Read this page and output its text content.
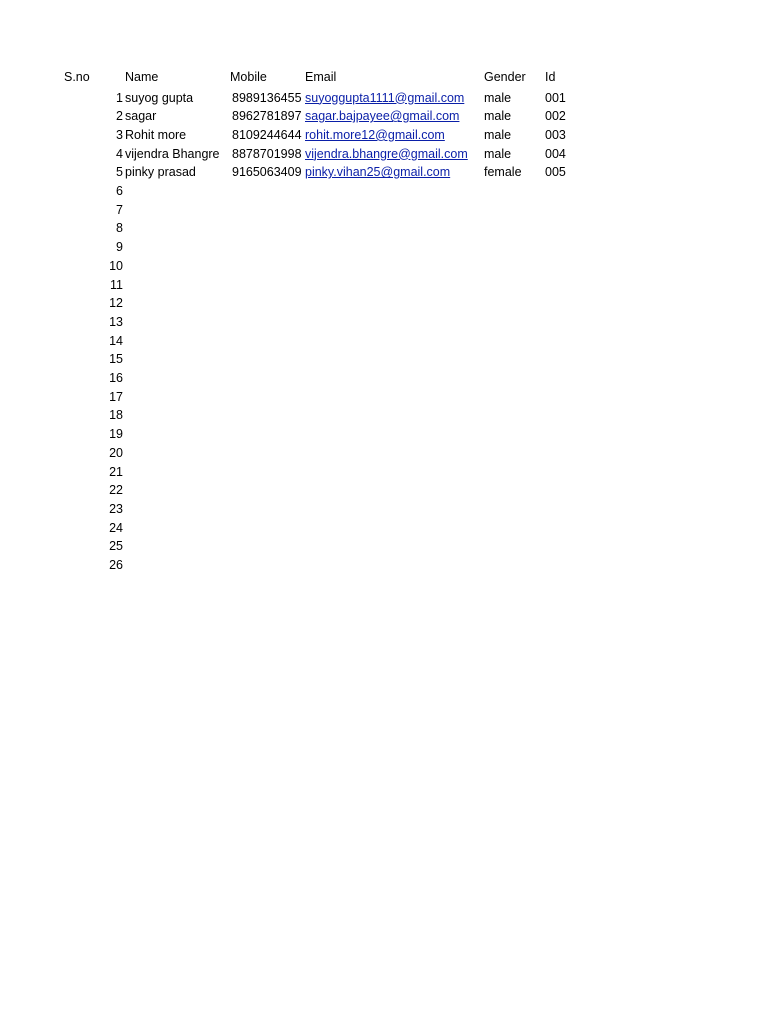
S.no	Name	Mobile	Email	Gender Id
1 suyog gupta	8989136455 suyoggupta1111@gmail.com male	001
2 sagar	8962781897 sagar.bajpayee@gmail.com male	002
3 Rohit more	8109244644 rohit.more12@gmail.com	male	003
4 vijendra Bhangre 8878701998 vijendra.bhangre@gmail.com male	004
5 pinky prasad	9165063409 pinky.vihan25@gmail.com	female 005
6
7
8
9
10
11
12
13
14
15
16
17
18
19
20
21
22
23
24
25
26
